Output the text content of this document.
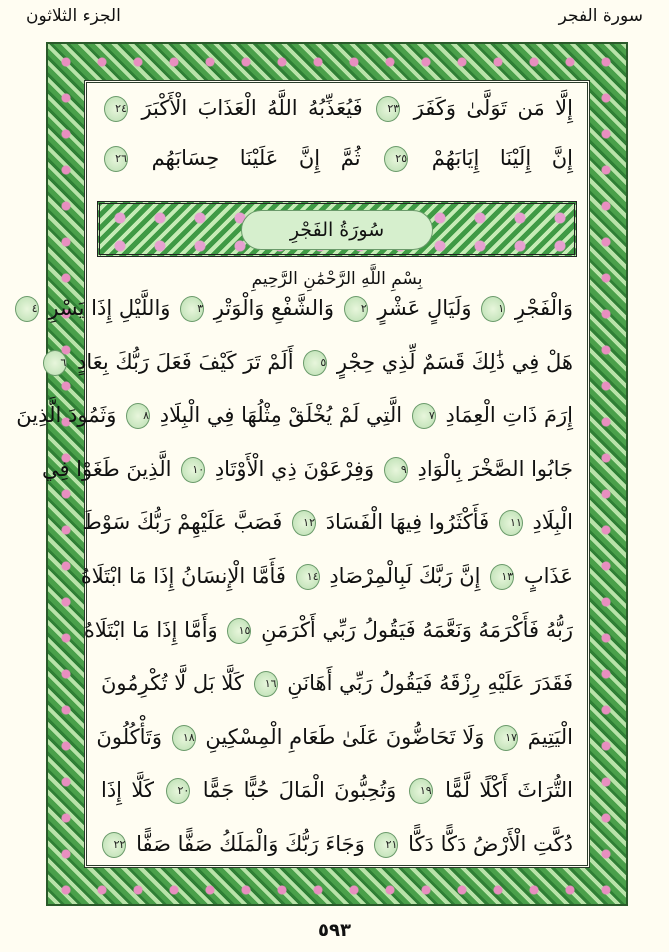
الجزء الثلاثون	سورة الفجر
سُورَةُ الفَجْرِ
بِسْمِ اللَّهِ الرَّحْمَٰنِ الرَّحِيمِ
إِلَّا مَن تَوَلَّىٰ وَكَفَرَ ٢٣ فَيُعَذِّبُهُ اللَّهُ الْعَذَابَ الْأَكْبَرَ ٢٤
إِنَّ إِلَيْنَا إِيَابَهُمْ ٢٥ ثُمَّ إِنَّ عَلَيْنَا حِسَابَهُم ٢٦
وَالْفَجْرِ ١ وَلَيَالٍ عَشْرٍ ٢ وَالشَّفْعِ وَالْوَتْرِ ٣ وَاللَّيْلِ إِذَا يَسْرِ ٤
هَلْ فِي ذَٰلِكَ قَسَمٌ لِّذِي حِجْرٍ ٥ أَلَمْ تَرَ كَيْفَ فَعَلَ رَبُّكَ بِعَادٍ ٦
إِرَمَ ذَاتِ الْعِمَادِ ٧ الَّتِي لَمْ يُخْلَقْ مِثْلُهَا فِي الْبِلَادِ ٨ وَثَمُودَ الَّذِينَ
جَابُوا الصَّخْرَ بِالْوَادِ ٩ وَفِرْعَوْنَ ذِي الْأَوْتَادِ ١٠ الَّذِينَ طَغَوْا فِي
الْبِلَادِ ١١ فَأَكْثَرُوا فِيهَا الْفَسَادَ ١٢ فَصَبَّ عَلَيْهِمْ رَبُّكَ سَوْطَ
عَذَابٍ ١٣ إِنَّ رَبَّكَ لَبِالْمِرْصَادِ ١٤ فَأَمَّا الْإِنسَانُ إِذَا مَا ابْتَلَاهُ
رَبُّهُ فَأَكْرَمَهُ وَنَعَّمَهُ فَيَقُولُ رَبِّي أَكْرَمَنِ ١٥ وَأَمَّا إِذَا مَا ابْتَلَاهُ
فَقَدَرَ عَلَيْهِ رِزْقَهُ فَيَقُولُ رَبِّي أَهَانَنِ ١٦ كَلَّا بَل لَّا تُكْرِمُونَ
الْيَتِيمَ ١٧ وَلَا تَحَاضُّونَ عَلَىٰ طَعَامِ الْمِسْكِينِ ١٨ وَتَأْكُلُونَ
التُّرَاثَ أَكْلًا لَّمًّا ١٩ وَتُحِبُّونَ الْمَالَ حُبًّا جَمًّا ٢٠ كَلَّا إِذَا
دُكَّتِ الْأَرْضُ دَكًّا دَكًّا ٢١ وَجَاءَ رَبُّكَ وَالْمَلَكُ صَفًّا صَفًّا ٢٢
٥٩٣
